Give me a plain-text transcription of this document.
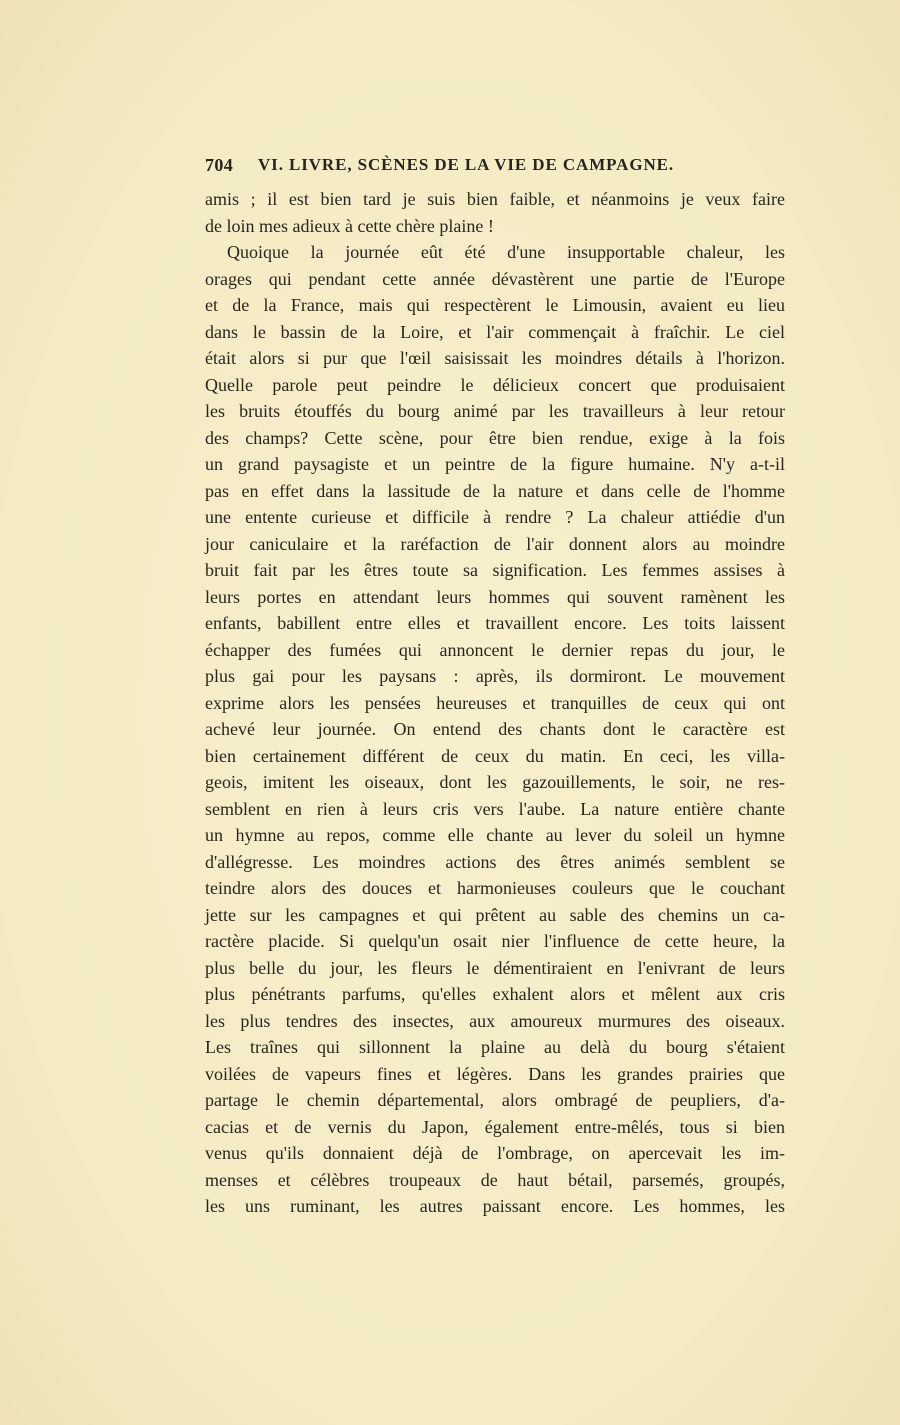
704 VI. LIVRE, SCÈNES DE LA VIE DE CAMPAGNE.
amis ; il est bien tard je suis bien faible, et néanmoins je veux faire
de loin mes adieux à cette chère plaine !
Quoique la journée eût été d'une insupportable chaleur, les
orages qui pendant cette année dévastèrent une partie de l'Europe
et de la France, mais qui respectèrent le Limousin, avaient eu lieu
dans le bassin de la Loire, et l'air commençait à fraîchir. Le ciel
était alors si pur que l'œil saisissait les moindres détails à l'horizon.
Quelle parole peut peindre le délicieux concert que produisaient
les bruits étouffés du bourg animé par les travailleurs à leur retour
des champs? Cette scène, pour être bien rendue, exige à la fois
un grand paysagiste et un peintre de la figure humaine. N'y a-t-il
pas en effet dans la lassitude de la nature et dans celle de l'homme
une entente curieuse et difficile à rendre ? La chaleur attiédie d'un
jour caniculaire et la raréfaction de l'air donnent alors au moindre
bruit fait par les êtres toute sa signification. Les femmes assises à
leurs portes en attendant leurs hommes qui souvent ramènent les
enfants, babillent entre elles et travaillent encore. Les toits laissent
échapper des fumées qui annoncent le dernier repas du jour, le
plus gai pour les paysans : après, ils dormiront. Le mouvement
exprime alors les pensées heureuses et tranquilles de ceux qui ont
achevé leur journée. On entend des chants dont le caractère est
bien certainement différent de ceux du matin. En ceci, les villa-
geois, imitent les oiseaux, dont les gazouillements, le soir, ne res-
semblent en rien à leurs cris vers l'aube. La nature entière chante
un hymne au repos, comme elle chante au lever du soleil un hymne
d'allégresse. Les moindres actions des êtres animés semblent se
teindre alors des douces et harmonieuses couleurs que le couchant
jette sur les campagnes et qui prêtent au sable des chemins un ca-
ractère placide. Si quelqu'un osait nier l'influence de cette heure, la
plus belle du jour, les fleurs le démentiraient en l'enivrant de leurs
plus pénétrants parfums, qu'elles exhalent alors et mêlent aux cris
les plus tendres des insectes, aux amoureux murmures des oiseaux.
Les traînes qui sillonnent la plaine au delà du bourg s'étaient
voilées de vapeurs fines et légères. Dans les grandes prairies que
partage le chemin départemental, alors ombragé de peupliers, d'a-
cacias et de vernis du Japon, également entre-mêlés, tous si bien
venus qu'ils donnaient déjà de l'ombrage, on apercevait les im-
menses et célèbres troupeaux de haut bétail, parsemés, groupés,
les uns ruminant, les autres paissant encore. Les hommes, les
